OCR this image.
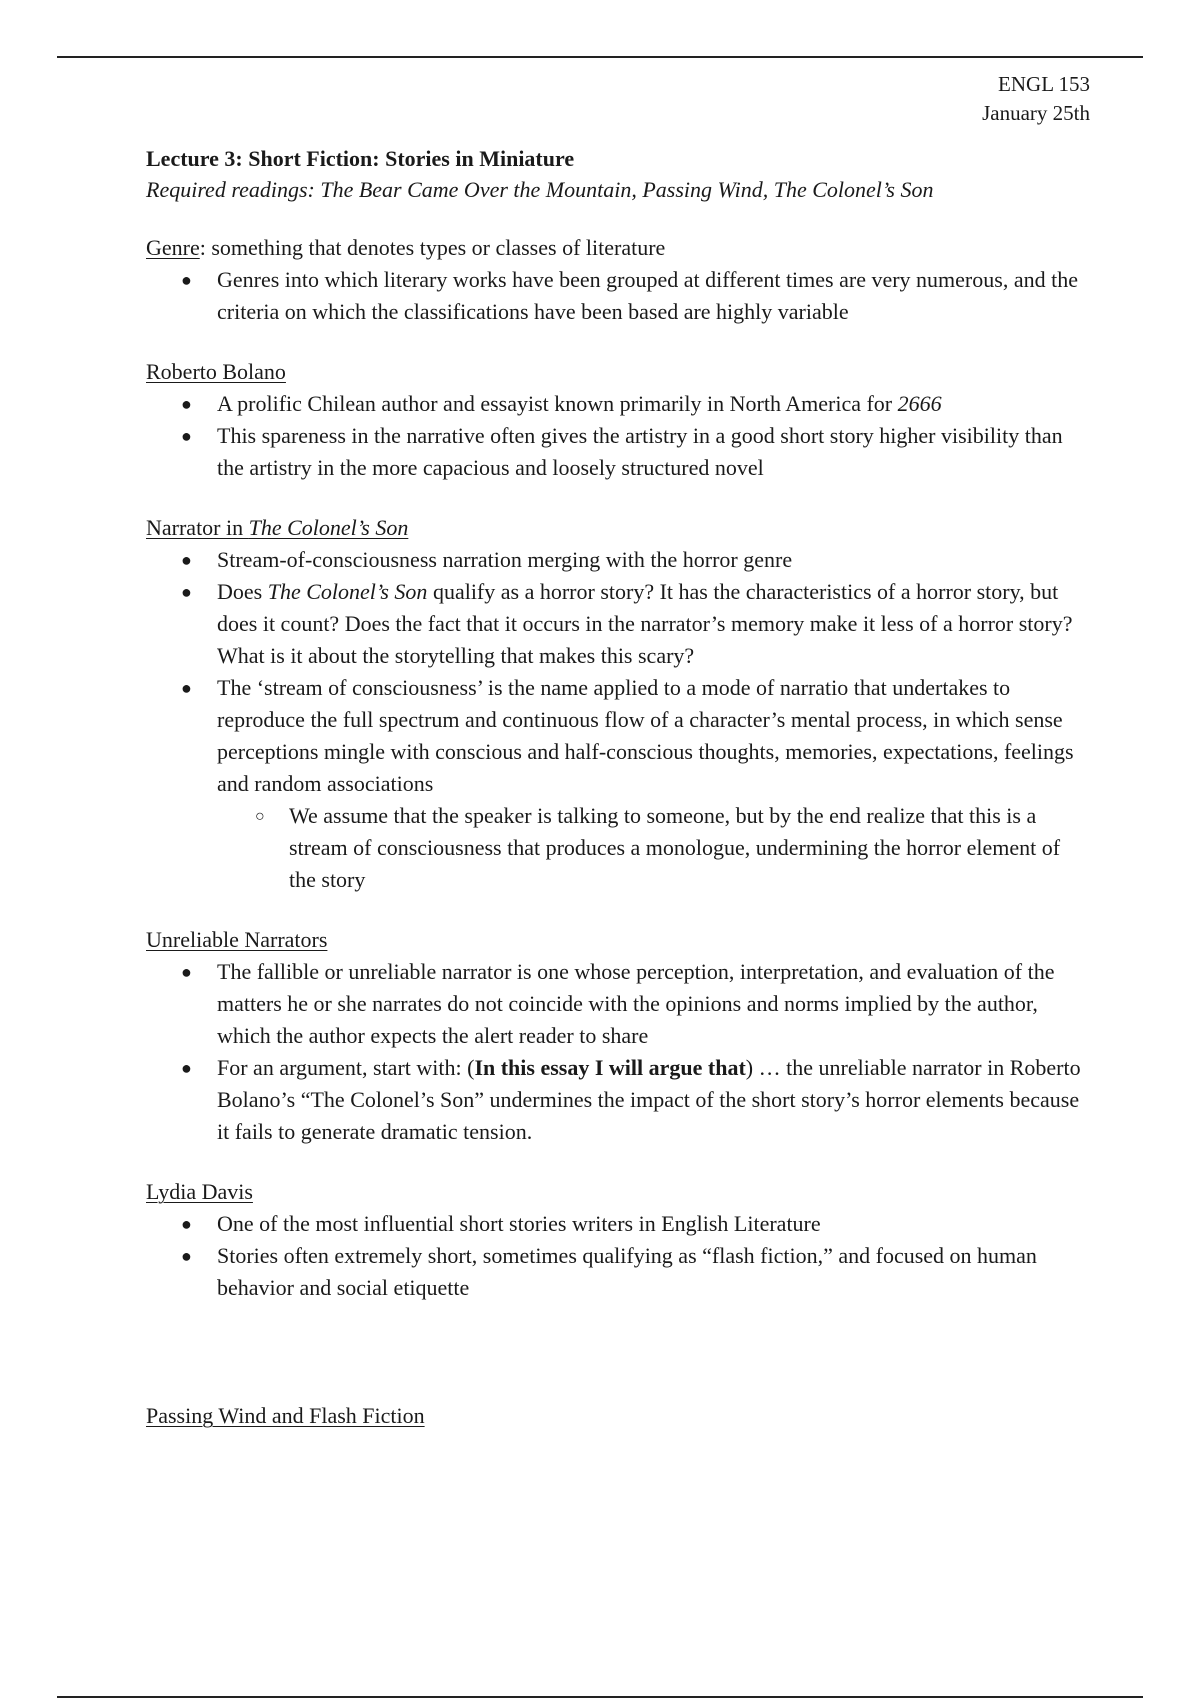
ENGL 153
January 25th
Lecture 3: Short Fiction: Stories in Miniature
Required readings: The Bear Came Over the Mountain, Passing Wind, The Colonel’s Son
Genre: something that denotes types or classes of literature
● Genres into which literary works have been grouped at different times are very numerous, and the criteria on which the classifications have been based are highly variable
Roberto Bolano
● A prolific Chilean author and essayist known primarily in North America for 2666
● This spareness in the narrative often gives the artistry in a good short story higher visibility than the artistry in the more capacious and loosely structured novel
Narrator in The Colonel’s Son
● Stream-of-consciousness narration merging with the horror genre
● Does The Colonel’s Son qualify as a horror story? It has the characteristics of a horror story, but does it count? Does the fact that it occurs in the narrator’s memory make it less of a horror story? What is it about the storytelling that makes this scary?
● The ‘stream of consciousness’ is the name applied to a mode of narratio that undertakes to reproduce the full spectrum and continuous flow of a character’s mental process, in which sense perceptions mingle with conscious and half-conscious thoughts, memories, expectations, feelings and random associations
○ We assume that the speaker is talking to someone, but by the end realize that this is a stream of consciousness that produces a monologue, undermining the horror element of the story
Unreliable Narrators
● The fallible or unreliable narrator is one whose perception, interpretation, and evaluation of the matters he or she narrates do not coincide with the opinions and norms implied by the author, which the author expects the alert reader to share
● For an argument, start with: (In this essay I will argue that) … the unreliable narrator in Roberto Bolano’s “The Colonel’s Son” undermines the impact of the short story’s horror elements because it fails to generate dramatic tension.
Lydia Davis
● One of the most influential short stories writers in English Literature
● Stories often extremely short, sometimes qualifying as “flash fiction,” and focused on human behavior and social etiquette
Passing Wind and Flash Fiction
